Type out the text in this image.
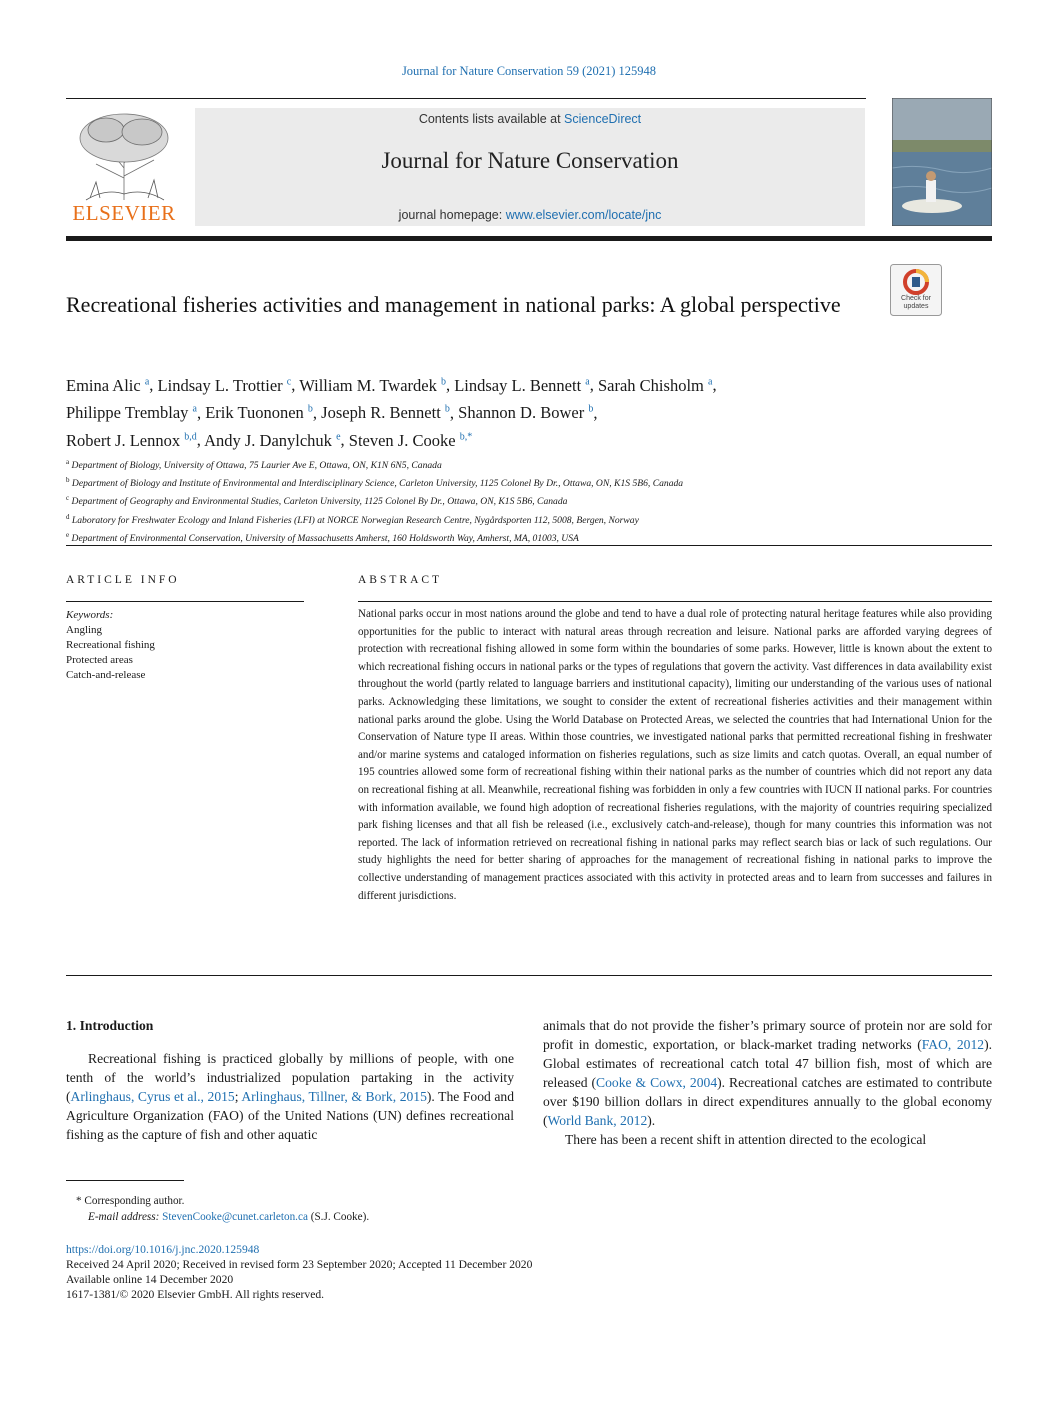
Journal for Nature Conservation 59 (2021) 125948
ELSEVIER
Contents lists available at ScienceDirect
Journal for Nature Conservation
journal homepage: www.elsevier.com/locate/jnc
Recreational fisheries activities and management in national parks: A global perspective	Check for updates
Emina Alic $^a$, Lindsay L. Trottier $^c$, William M. Twardek $^b$, Lindsay L. Bennett $^a$, Sarah Chisholm $^a$,
Philippe Tremblay $^a$, Erik Tuononen $^b$, Joseph R. Bennett $^b$, Shannon D. Bower $^b$,
Robert J. Lennox $^{b,d}$, Andy J. Danylchuk $^e$, Steven J. Cooke $^{b,*}$
$^a$ Department of Biology, University of Ottawa, 75 Laurier Ave E, Ottawa, ON, K1N 6N5, Canada
$^b$ Department of Biology and Institute of Environmental and Interdisciplinary Science, Carleton University, 1125 Colonel By Dr., Ottawa, ON, K1S 5B6, Canada
$^c$ Department of Geography and Environmental Studies, Carleton University, 1125 Colonel By Dr., Ottawa, ON, K1S 5B6, Canada
$^d$ Laboratory for Freshwater Ecology and Inland Fisheries (LFI) at NORCE Norwegian Research Centre, Nygårdsporten 112, 5008, Bergen, Norway
$^e$ Department of Environmental Conservation, University of Massachusetts Amherst, 160 Holdsworth Way, Amherst, MA, 01003, USA
ARTICLE INFO
Keywords:
Angling
Recreational fishing
Protected areas
Catch-and-release
ABSTRACT
National parks occur in most nations around the globe and tend to have a dual role of protecting natural heritage features while also providing opportunities for the public to interact with natural areas through recreation and leisure. National parks are afforded varying degrees of protection with recreational fishing allowed in some form within the boundaries of some parks. However, little is known about the extent to which recreational fishing occurs in national parks or the types of regulations that govern the activity. Vast differences in data availability exist throughout the world (partly related to language barriers and institutional capacity), limiting our understanding of the various uses of national parks. Acknowledging these limitations, we sought to consider the extent of recreational fisheries activities and their management within national parks around the globe. Using the World Database on Protected Areas, we selected the countries that had International Union for the Conservation of Nature type II areas. Within those countries, we investigated national parks that permitted recreational fishing in freshwater and/or marine systems and cataloged information on fisheries regulations, such as size limits and catch quotas. Overall, an equal number of 195 countries allowed some form of recreational fishing within their national parks as the number of countries which did not report any data on recreational fishing at all. Meanwhile, recreational fishing was forbidden in only a few countries with IUCN II national parks. For countries with information available, we found high adoption of recreational fisheries regulations, with the majority of countries requiring specialized park fishing licenses and that all fish be released (i.e., exclusively catch-and-release), though for many countries this information was not reported. The lack of information retrieved on recreational fishing in national parks may reflect search bias or lack of such regulations. Our study highlights the need for better sharing of approaches for the management of recreational fishing in national parks to improve the collective understanding of management practices associated with this activity in protected areas and to learn from successes and failures in different jurisdictions.
1. Introduction

Recreational fishing is practiced globally by millions of people, with one tenth of the world’s industrialized population partaking in the activity (Arlinghaus, Cyrus et al., 2015; Arlinghaus, Tillner, & Bork, 2015). The Food and Agriculture Organization (FAO) of the United Nations (UN) defines recreational fishing as the capture of fish and other aquatic

animals that do not provide the fisher’s primary source of protein nor are sold for profit in domestic, exportation, or black-market trading networks (FAO, 2012). Global estimates of recreational catch total 47 billion fish, most of which are released (Cooke & Cowx, 2004). Recreational catches are estimated to contribute over $190 billion dollars in direct expenditures annually to the global economy (World Bank, 2012).

There has been a recent shift in attention directed to the ecological

* Corresponding author.
E-mail address: StevenCooke@cunet.carleton.ca (S.J. Cooke).
https://doi.org/10.1016/j.jnc.2020.125948
Received 24 April 2020; Received in revised form 23 September 2020; Accepted 11 December 2020
Available online 14 December 2020
1617-1381/© 2020 Elsevier GmbH. All rights reserved.
